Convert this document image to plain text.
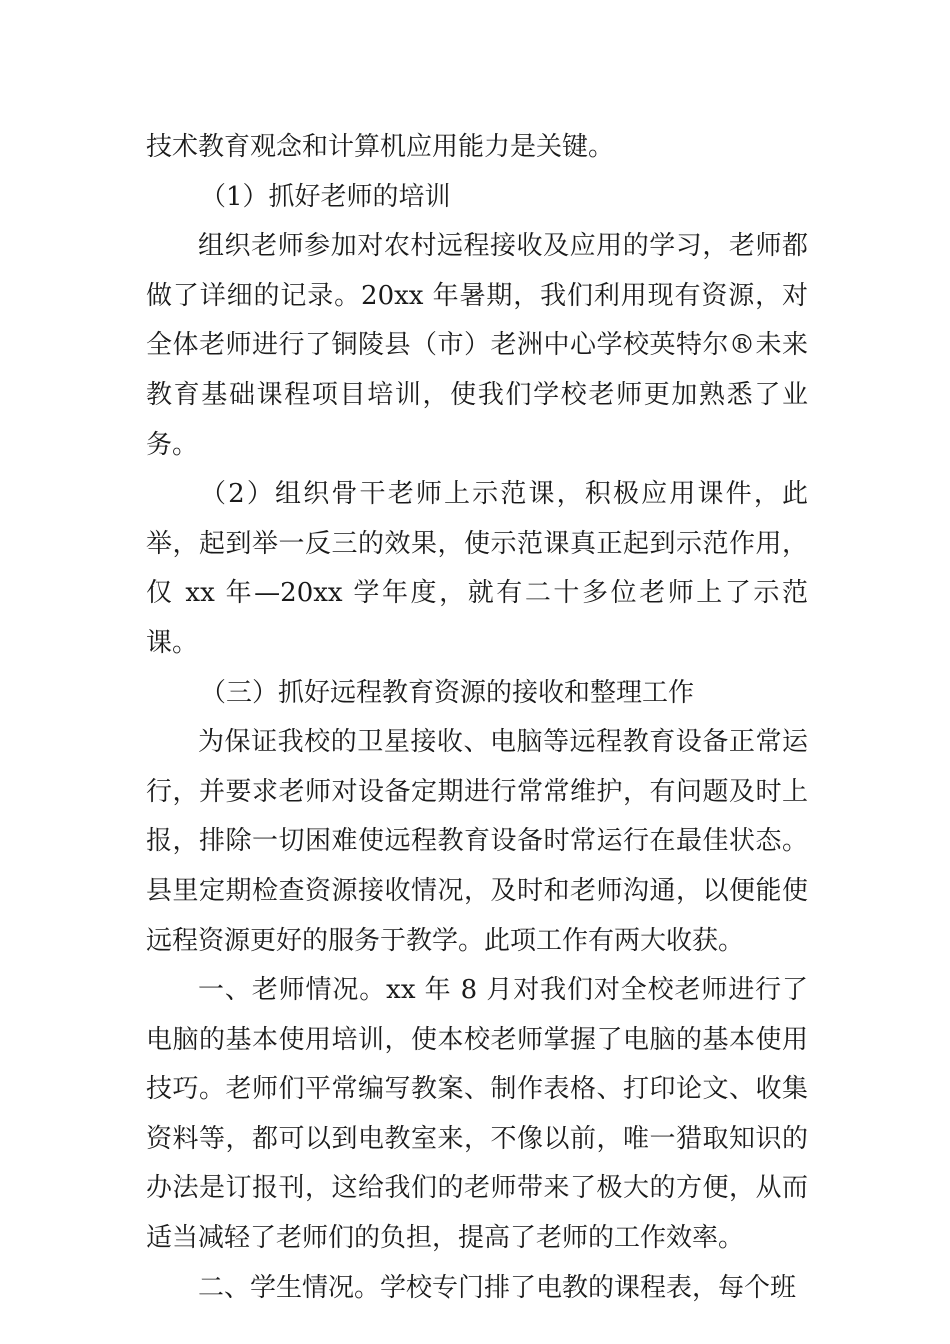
技术教育观念和计算机应用能力是关键。

（1）抓好老师的培训

组织老师参加对农村远程接收及应用的学习，老师都做了详细的记录。20xx 年暑期，我们利用现有资源，对全体老师进行了铜陵县（市）老洲中心学校英特尔®未来教育基础课程项目培训，使我们学校老师更加熟悉了业务。

（2）组织骨干老师上示范课，积极应用课件，此举，起到举一反三的效果，使示范课真正起到示范作用，仅 xx 年—20xx 学年度，就有二十多位老师上了示范课。

（三）抓好远程教育资源的接收和整理工作

为保证我校的卫星接收、电脑等远程教育设备正常运行，并要求老师对设备定期进行常常维护，有问题及时上报，排除一切困难使远程教育设备时常运行在最佳状态。县里定期检查资源接收情况，及时和老师沟通，以便能使远程资源更好的服务于教学。此项工作有两大收获。

一、老师情况。xx 年 8 月对我们对全校老师进行了电脑的基本使用培训，使本校老师掌握了电脑的基本使用技巧。老师们平常编写教案、制作表格、打印论文、收集资料等，都可以到电教室来，不像以前，唯一猎取知识的办法是订报刊，这给我们的老师带来了极大的方便，从而适当减轻了老师们的负担，提高了老师的工作效率。

二、学生情况。学校专门排了电教的课程表，每个班
